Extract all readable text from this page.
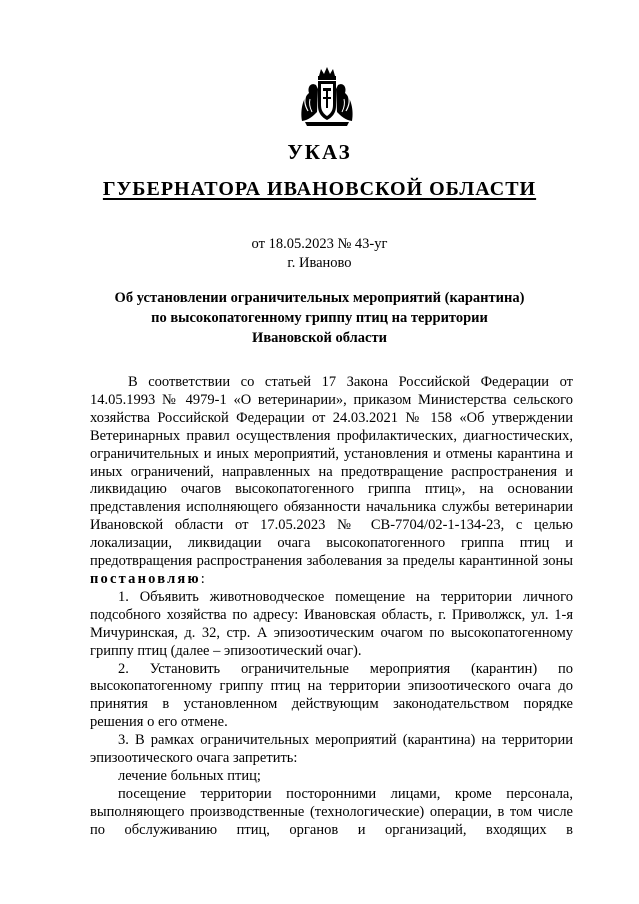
УКАЗ
ГУБЕРНАТОРА ИВАНОВСКОЙ ОБЛАСТИ
от 18.05.2023 № 43-уг
г. Иваново
Об установлении ограничительных мероприятий (карантина)
по высокопатогенному гриппу птиц на территории
Ивановской области

В соответствии со статьей 17 Закона Российской Федерации от 14.05.1993 № 4979-1 «О ветеринарии», приказом Министерства сельского хозяйства Российской Федерации от 24.03.2021 № 158 «Об утверждении Ветеринарных правил осуществления профилактических, диагностических, ограничительных и иных мероприятий, установления и отмены карантина и иных ограничений, направленных на предотвращение распространения и ликвидацию очагов высокопатогенного гриппа птиц», на основании представления исполняющего обязанности начальника службы ветеринарии Ивановской области от 17.05.2023 № СВ-7704/02-1-134-23, с целью локализации, ликвидации очага высокопатогенного гриппа птиц и предотвращения распространения заболевания за пределы карантинной зоны

постановляю:

1. Объявить животноводческое помещение на территории личного подсобного хозяйства по адресу: Ивановская область, г. Приволжск, ул. 1-я Мичуринская, д. 32, стр. А эпизоотическим очагом по высокопатогенному гриппу птиц (далее – эпизоотический очаг).

2. Установить ограничительные мероприятия (карантин) по высокопатогенному гриппу птиц на территории эпизоотического очага до принятия в установленном действующим законодательством порядке решения о его отмене.

3. В рамках ограничительных мероприятий (карантина) на территории эпизоотического очага запретить:

лечение больных птиц;

посещение территории посторонними лицами, кроме персонала, выполняющего производственные (технологические) операции, в том числе по обслуживанию птиц, органов и организаций, входящих в
